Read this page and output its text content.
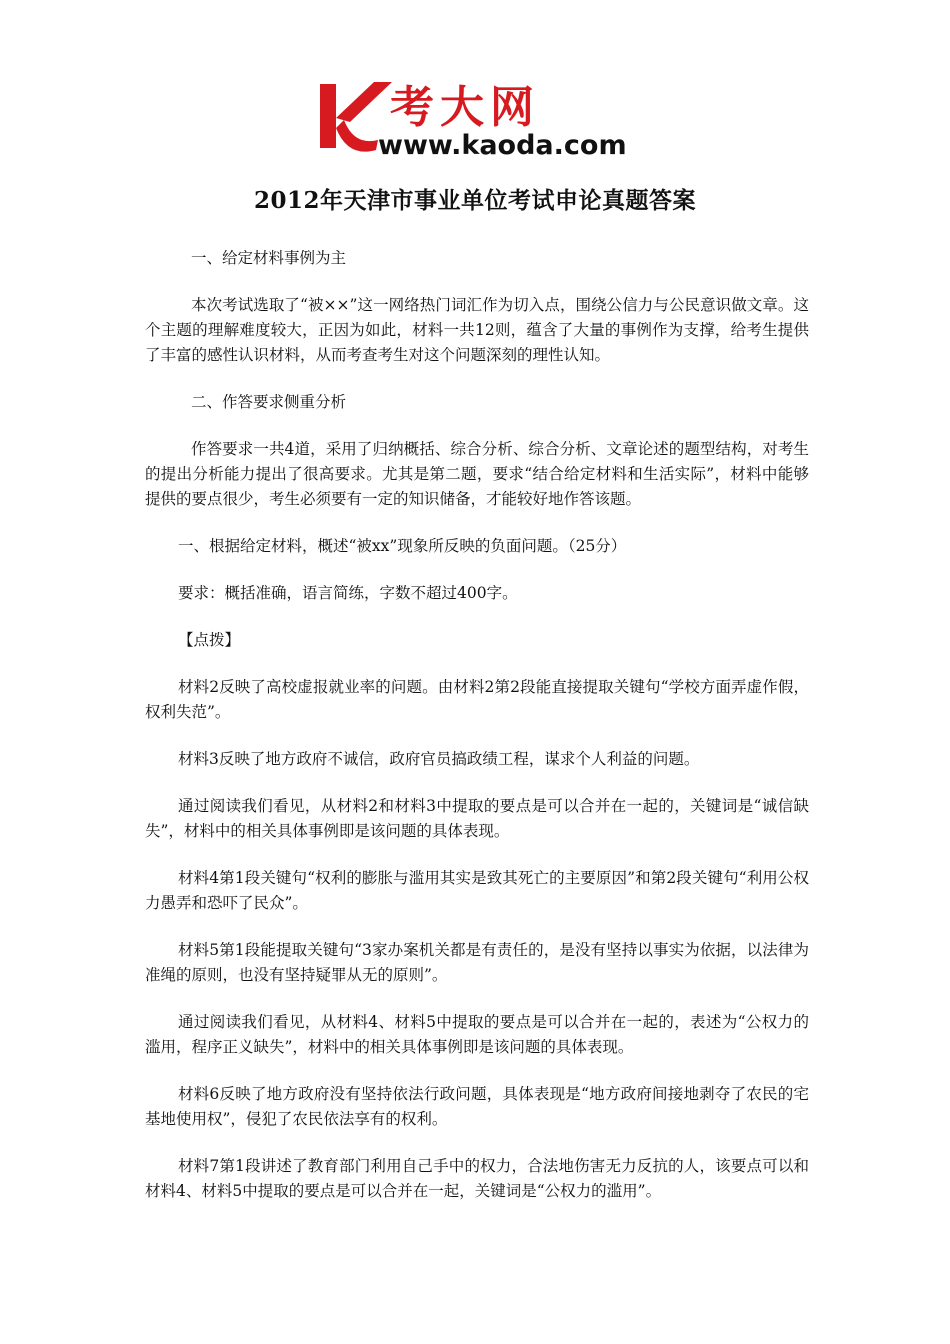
考大网
www.kaoda.com
2012年天津市事业单位考试申论真题答案

一、给定材料事例为主

本次考试选取了“被××”这一网络热门词汇作为切入点，围绕公信力与公民意识做文章。这个主题的理解难度较大，正因为如此，材料一共12则，蕴含了大量的事例作为支撑，给考生提供了丰富的感性认识材料，从而考查考生对这个问题深刻的理性认知。

二、作答要求侧重分析

作答要求一共4道，采用了归纳概括、综合分析、综合分析、文章论述的题型结构，对考生的提出分析能力提出了很高要求。尤其是第二题，要求“结合给定材料和生活实际”，材料中能够提供的要点很少，考生必须要有一定的知识储备，才能较好地作答该题。

一、根据给定材料，概述“被xx”现象所反映的负面问题。（25分）

要求：概括准确，语言简练，字数不超过400字。

【点拨】

材料2反映了高校虚报就业率的问题。由材料2第2段能直接提取关键句“学校方面弄虚作假，权利失范”。

材料3反映了地方政府不诚信，政府官员搞政绩工程，谋求个人利益的问题。

通过阅读我们看见，从材料2和材料3中提取的要点是可以合并在一起的，关键词是“诚信缺失”，材料中的相关具体事例即是该问题的具体表现。

材料4第1段关键句“权利的膨胀与滥用其实是致其死亡的主要原因”和第2段关键句“利用公权力愚弄和恐吓了民众”。

材料5第1段能提取关键句“3家办案机关都是有责任的，是没有坚持以事实为依据，以法律为准绳的原则，也没有坚持疑罪从无的原则”。

通过阅读我们看见，从材料4、材料5中提取的要点是可以合并在一起的，表述为“公权力的滥用，程序正义缺失”，材料中的相关具体事例即是该问题的具体表现。

材料6反映了地方政府没有坚持依法行政问题，具体表现是“地方政府间接地剥夺了农民的宅基地使用权”，侵犯了农民依法享有的权利。

材料7第1段讲述了教育部门利用自己手中的权力，合法地伤害无力反抗的人，该要点可以和材料4、材料5中提取的要点是可以合并在一起，关键词是“公权力的滥用”。
